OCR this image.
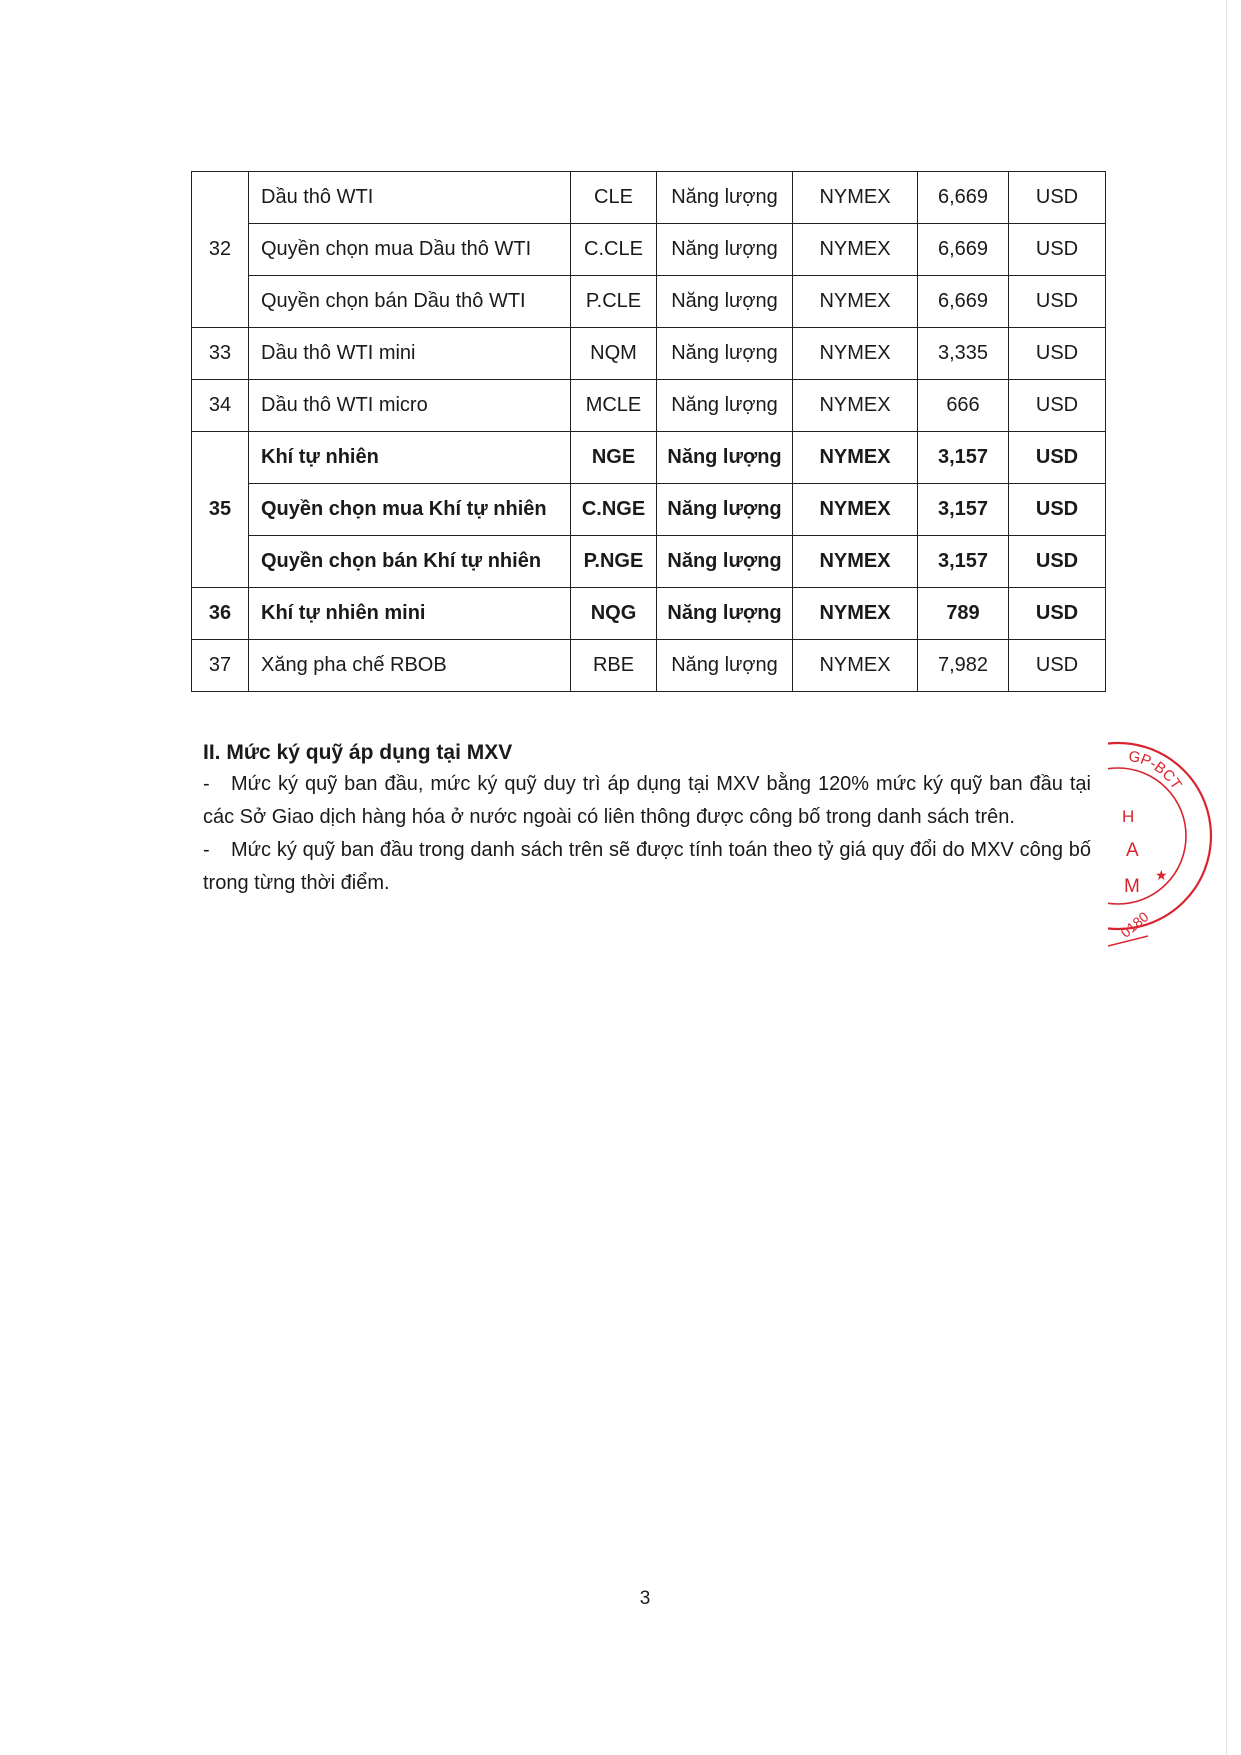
32	Dầu thô WTI	CLE	Năng lượng	NYMEX	6,669	USD
	Quyền chọn mua Dầu thô WTI	C.CLE	Năng lượng	NYMEX	6,669	USD
	Quyền chọn bán Dầu thô WTI	P.CLE	Năng lượng	NYMEX	6,669	USD
33	Dầu thô WTI mini	NQM	Năng lượng	NYMEX	3,335	USD
34	Dầu thô WTI micro	MCLE	Năng lượng	NYMEX	666	USD
35	Khí tự nhiên	NGE	Năng lượng	NYMEX	3,157	USD
	Quyền chọn mua Khí tự nhiên	C.NGE	Năng lượng	NYMEX	3,157	USD
	Quyền chọn bán Khí tự nhiên	P.NGE	Năng lượng	NYMEX	3,157	USD
36	Khí tự nhiên mini	NQG	Năng lượng	NYMEX	789	USD
37	Xăng pha chế RBOB	RBE	Năng lượng	NYMEX	7,982	USD
II. Mức ký quỹ áp dụng tại MXV

- Mức ký quỹ ban đầu, mức ký quỹ duy trì áp dụng tại MXV bằng 120% mức ký quỹ ban đầu tại các Sở Giao dịch hàng hóa ở nước ngoài có liên thông được công bố trong danh sách trên.

- Mức ký quỹ ban đầu trong danh sách trên sẽ được tính toán theo tỷ giá quy đổi do MXV công bố trong từng thời điểm.

GP-BCT
H
A
M ★
0180
3
